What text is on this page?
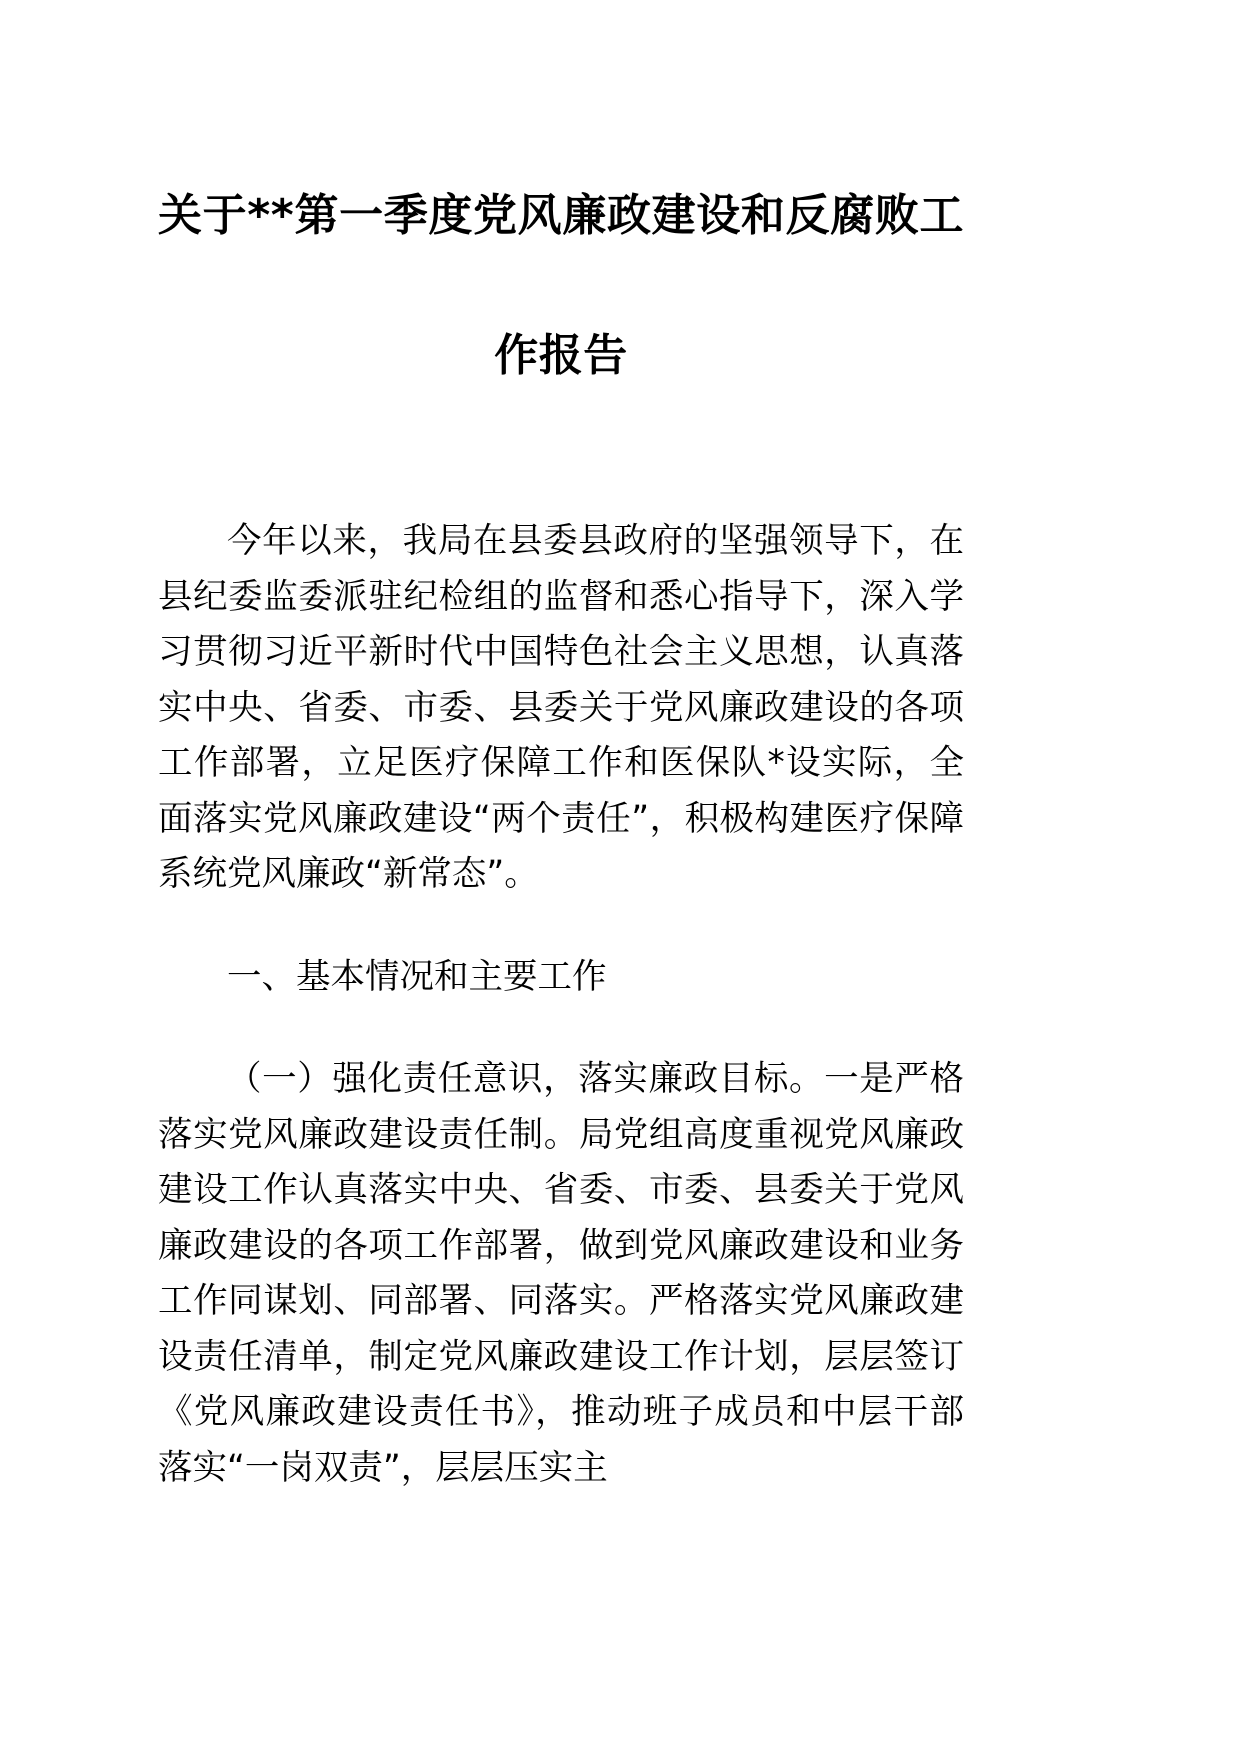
关于**第一季度党风廉政建设和反腐败工
作报告

今年以来，我局在县委县政府的坚强领导下，在县纪委监委派驻纪检组的监督和悉心指导下，深入学习贯彻习近平新时代中国特色社会主义思想，认真落实中央、省委、市委、县委关于党风廉政建设的各项工作部署，立足医疗保障工作和医保队*设实际，全面落实党风廉政建设“两个责任”，积极构建医疗保障系统党风廉政“新常态”。

一、基本情况和主要工作

（一）强化责任意识，落实廉政目标。一是严格落实党风廉政建设责任制。局党组高度重视党风廉政建设工作认真落实中央、省委、市委、县委关于党风廉政建设的各项工作部署，做到党风廉政建设和业务工作同谋划、同部署、同落实。严格落实党风廉政建设责任清单，制定党风廉政建设工作计划，层层签订《党风廉政建设责任书》，推动班子成员和中层干部落实“一岗双责”，层层压实主
